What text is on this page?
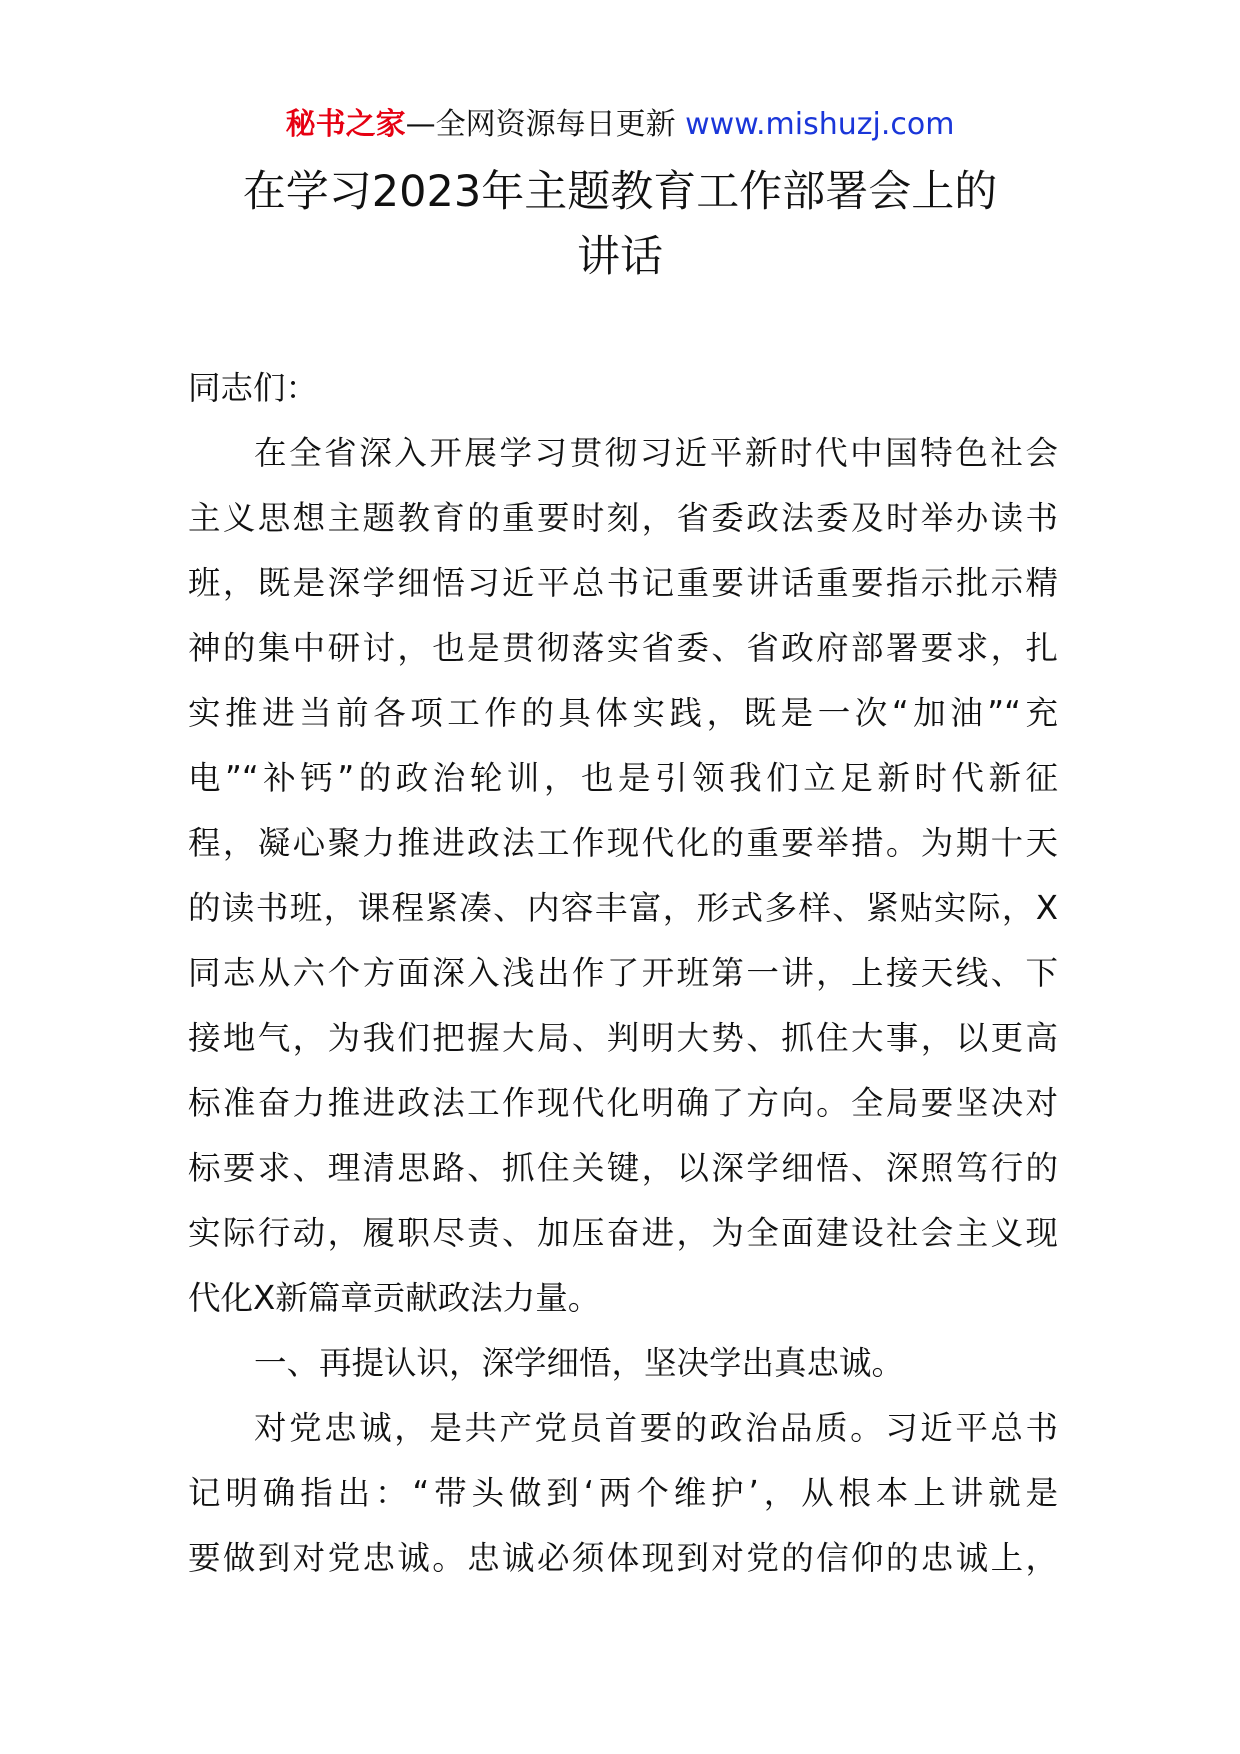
秘书之家—全网资源每日更新 www.mishuzj.com
在学习2023年主题教育工作部署会上的
讲话
同志们：
在全省深入开展学习贯彻习近平新时代中国特色社会
主义思想主题教育的重要时刻，省委政法委及时举办读书
班，既是深学细悟习近平总书记重要讲话重要指示批示精
神的集中研讨，也是贯彻落实省委、省政府部署要求，扎
实推进当前各项工作的具体实践，既是一次“加油”“充
电”“补钙”的政治轮训，也是引领我们立足新时代新征
程，凝心聚力推进政法工作现代化的重要举措。为期十天
的读书班，课程紧凑、内容丰富，形式多样、紧贴实际，X
同志从六个方面深入浅出作了开班第一讲，上接天线、下
接地气，为我们把握大局、判明大势、抓住大事，以更高
标准奋力推进政法工作现代化明确了方向。全局要坚决对
标要求、理清思路、抓住关键，以深学细悟、深照笃行的
实际行动，履职尽责、加压奋进，为全面建设社会主义现
代化X新篇章贡献政法力量。
一、再提认识，深学细悟，坚决学出真忠诚。
对党忠诚，是共产党员首要的政治品质。习近平总书
记明确指出：“带头做到‘两个维护’，从根本上讲就是
要做到对党忠诚。忠诚必须体现到对党的信仰的忠诚上，
